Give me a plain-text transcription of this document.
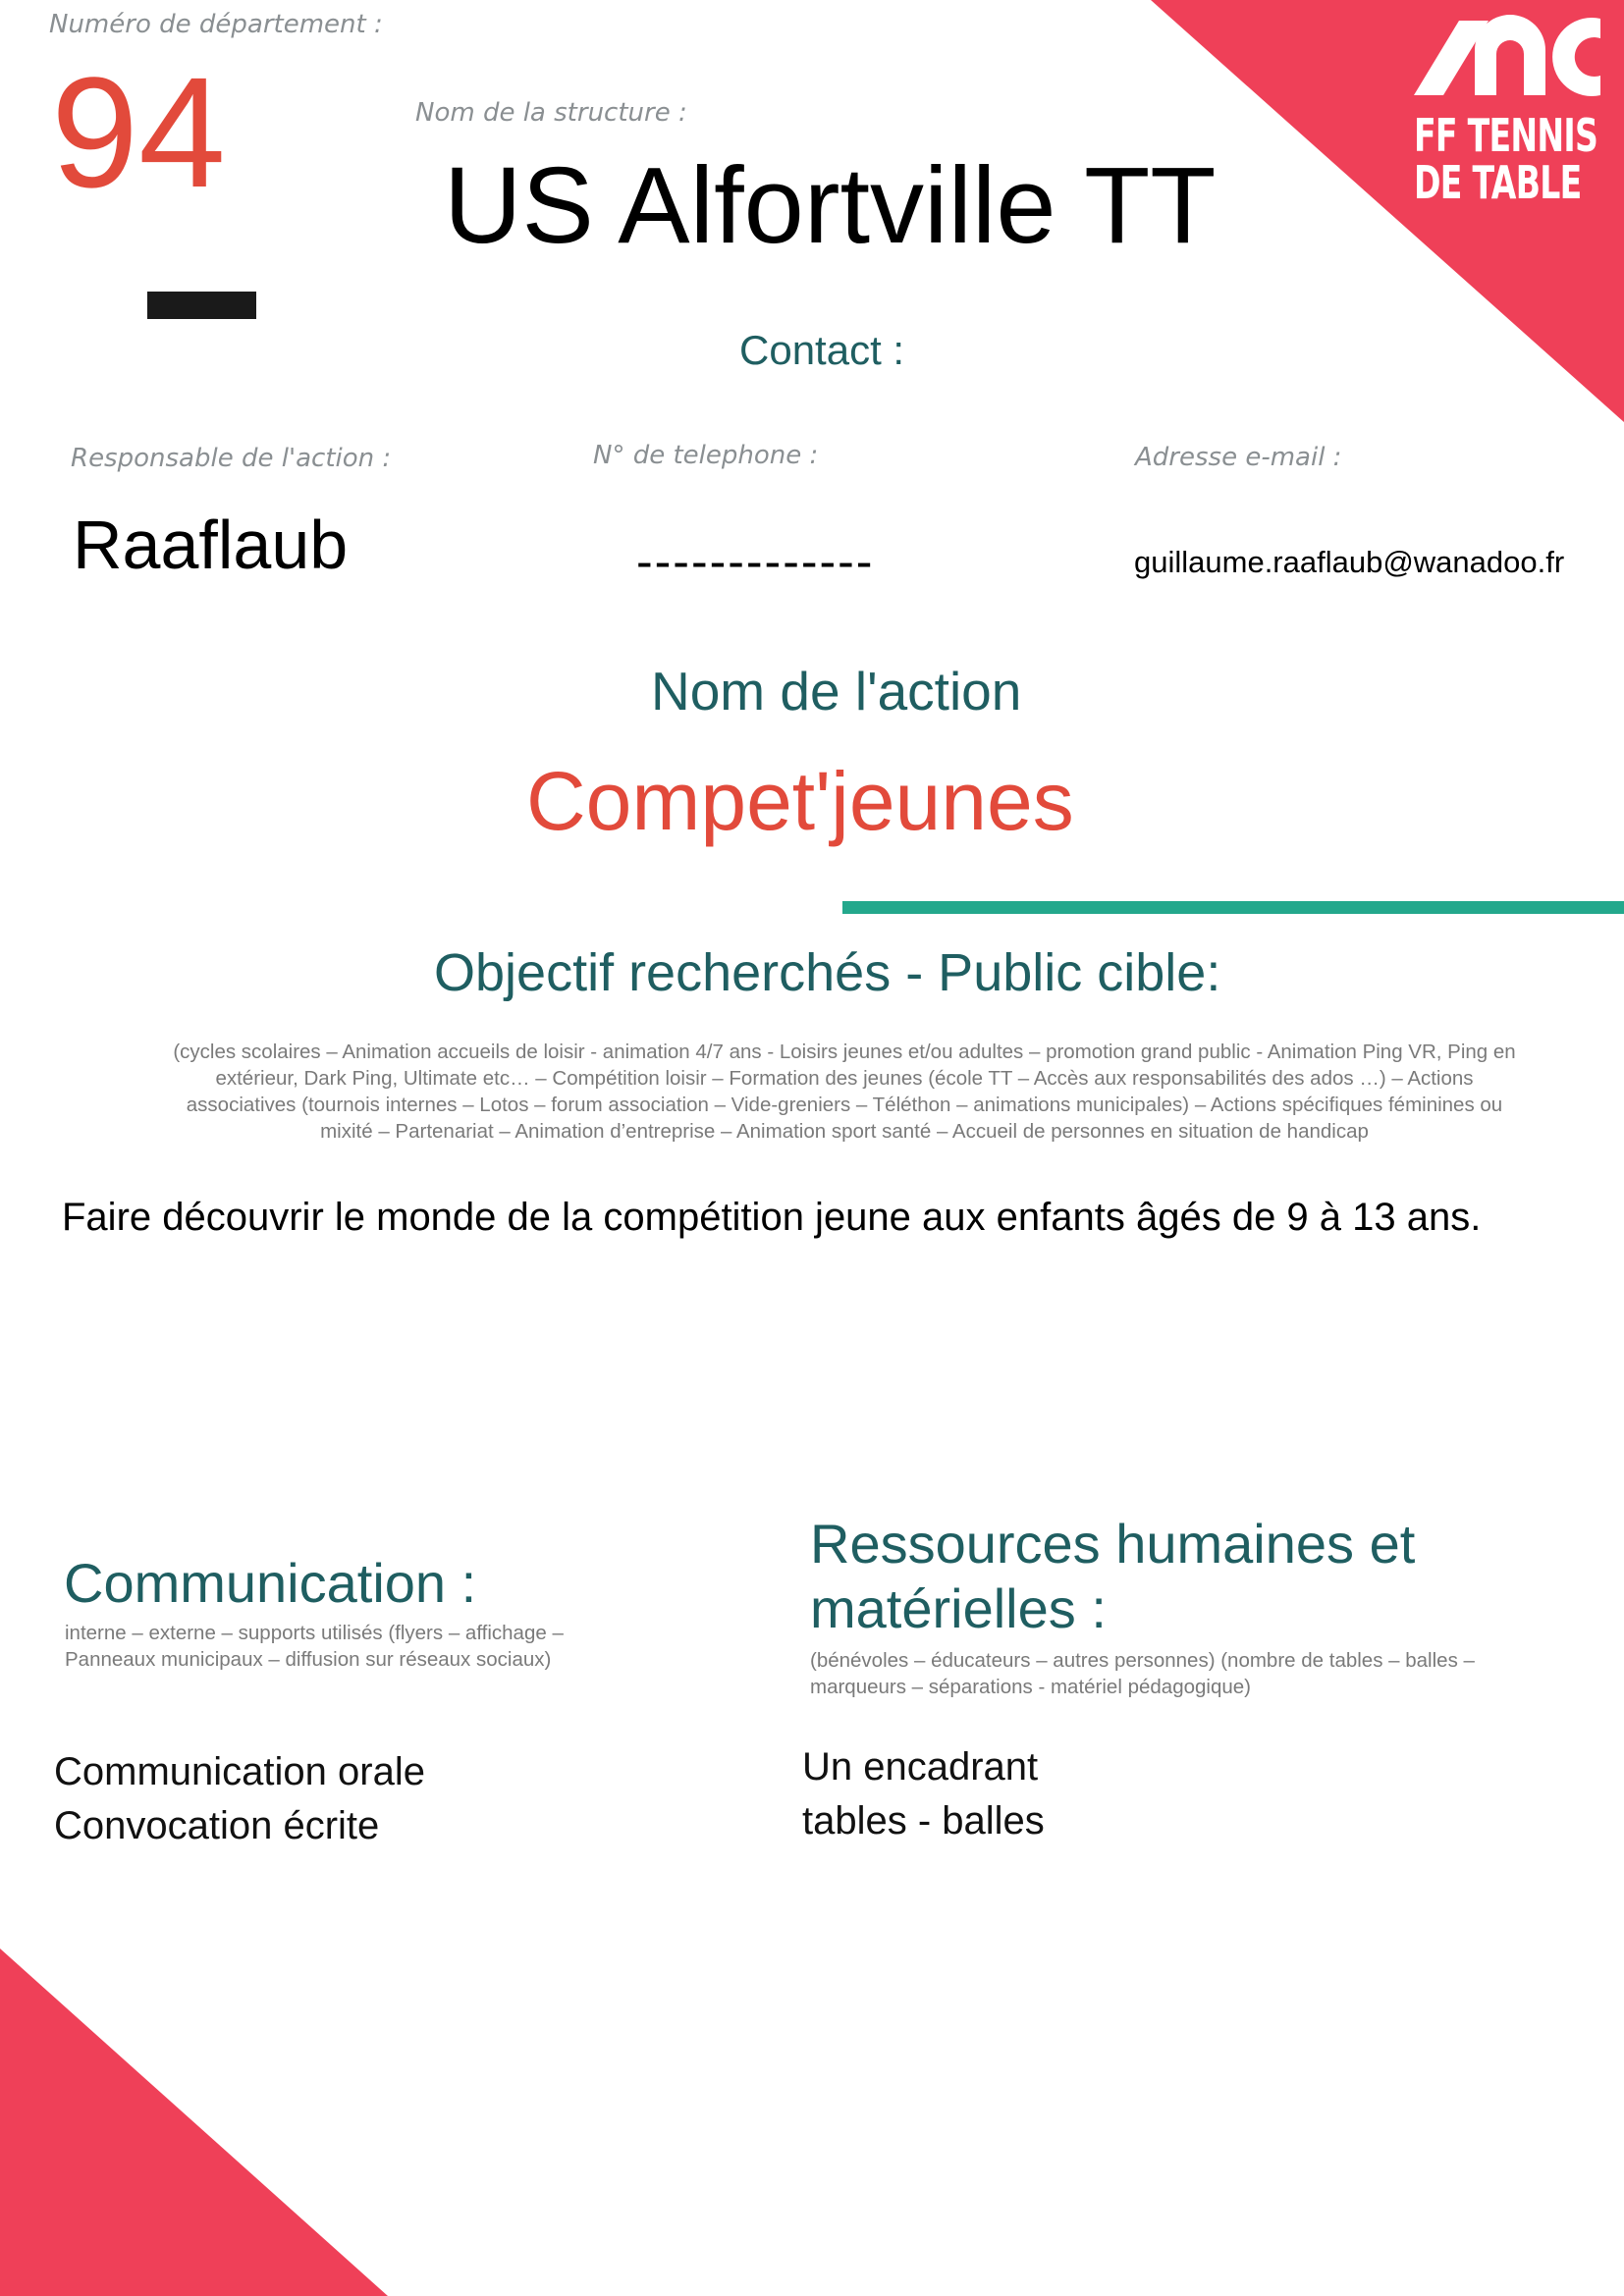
FF TENNIS
DE TABLE
Numéro de département :
94	Nom de la structure :
US Alfortville TT
Contact :
Responsable de l'action :
Raaflaub
N° de telephone :
-------------
Adresse e-mail :
guillaume.raaflaub@wanadoo.fr
Nom de l'action
Compet'jeunes
Objectif recherchés - Public cible:
(cycles scolaires – Animation accueils de loisir - animation 4/7 ans - Loisirs jeunes et/ou adultes – promotion grand public - Animation Ping VR, Ping en extérieur, Dark Ping, Ultimate etc… – Compétition loisir – Formation des jeunes (école TT – Accès aux responsabilités des ados …) – Actions associatives (tournois internes – Lotos – forum association – Vide-greniers – Téléthon – animations municipales) – Actions spécifiques féminines ou mixité – Partenariat – Animation d’entreprise – Animation sport santé – Accueil de personnes en situation de handicap
Faire découvrir le monde de la compétition jeune aux enfants âgés de 9 à 13 ans.
Communication :
interne – externe – supports utilisés (flyers – affichage – Panneaux municipaux – diffusion sur réseaux sociaux)
Communication orale
Convocation écrite
Ressources humaines et
matérielles :
(bénévoles – éducateurs – autres personnes) (nombre de tables – balles – marqueurs – séparations - matériel pédagogique)
Un encadrant
tables - balles
